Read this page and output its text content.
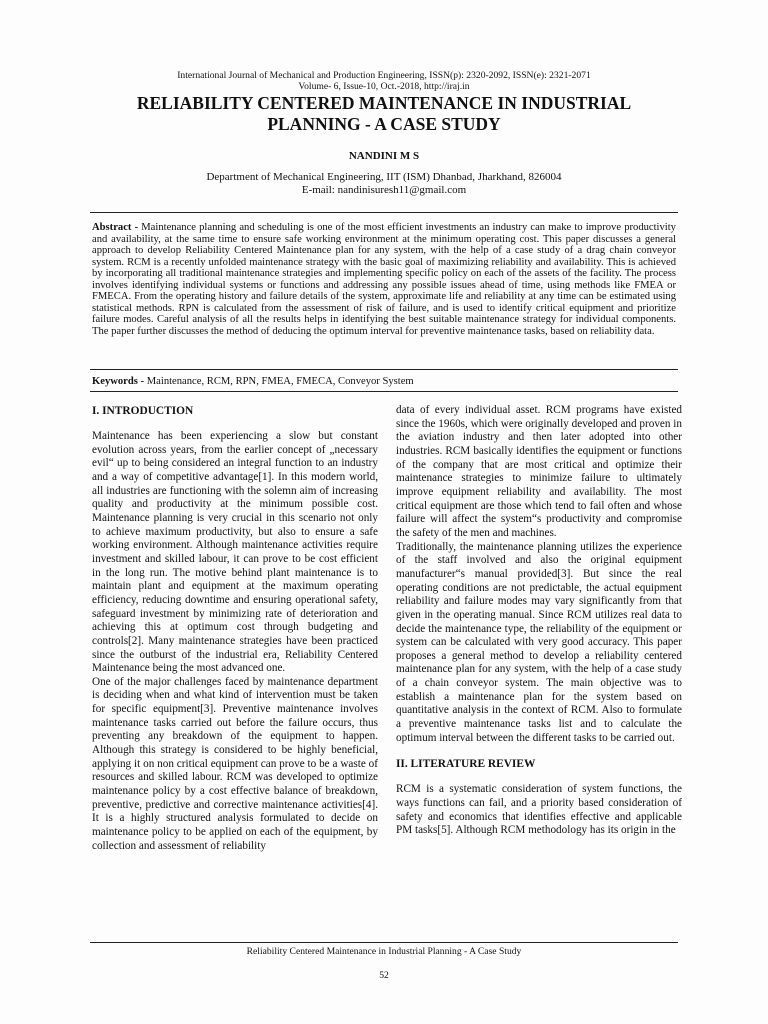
International Journal of Mechanical and Production Engineering, ISSN(p): 2320-2092, ISSN(e): 2321-2071
Volume- 6, Issue-10, Oct.-2018, http://iraj.in
RELIABILITY CENTERED MAINTENANCE IN INDUSTRIAL
PLANNING - A CASE STUDY
NANDINI M S
Department of Mechanical Engineering, IIT (ISM) Dhanbad, Jharkhand, 826004
E-mail: nandinisuresh11@gmail.com

Abstract - Maintenance planning and scheduling is one of the most efficient investments an industry can make to improve productivity and availability, at the same time to ensure safe working environment at the minimum operating cost. This paper discusses a general approach to develop Reliability Centered Maintenance plan for any system, with the help of a case study of a drag chain conveyor system. RCM is a recently unfolded maintenance strategy with the basic goal of maximizing reliability and availability. This is achieved by incorporating all traditional maintenance strategies and implementing specific policy on each of the assets of the facility. The process involves identifying individual systems or functions and addressing any possible issues ahead of time, using methods like FMEA or FMECA. From the operating history and failure details of the system, approximate life and reliability at any time can be estimated using statistical methods. RPN is calculated from the assessment of risk of failure, and is used to identify critical equipment and prioritize failure modes. Careful analysis of all the results helps in identifying the best suitable maintenance strategy for individual components. The paper further discusses the method of deducing the optimum interval for preventive maintenance tasks, based on reliability data.

Keywords - Maintenance, RCM, RPN, FMEA, FMECA, Conveyor System
I. INTRODUCTION

Maintenance has been experiencing a slow but constant evolution across years, from the earlier concept of „necessary evil“ up to being considered an integral function to an industry and a way of competitive advantage[1]. In this modern world, all industries are functioning with the solemn aim of increasing quality and productivity at the minimum possible cost. Maintenance planning is very crucial in this scenario not only to achieve maximum productivity, but also to ensure a safe working environment. Although maintenance activities require investment and skilled labour, it can prove to be cost efficient in the long run. The motive behind plant maintenance is to maintain plant and equipment at the maximum operating efficiency, reducing downtime and ensuring operational safety, safeguard investment by minimizing rate of deterioration and achieving this at optimum cost through budgeting and controls[2]. Many maintenance strategies have been practiced since the outburst of the industrial era, Reliability Centered Maintenance being the most advanced one.

One of the major challenges faced by maintenance department is deciding when and what kind of intervention must be taken for specific equipment[3]. Preventive maintenance involves maintenance tasks carried out before the failure occurs, thus preventing any breakdown of the equipment to happen. Although this strategy is considered to be highly beneficial, applying it on non critical equipment can prove to be a waste of resources and skilled labour. RCM was developed to optimize maintenance policy by a cost effective balance of breakdown, preventive, predictive and corrective maintenance activities[4]. It is a highly structured analysis formulated to decide on maintenance policy to be applied on each of the equipment, by collection and assessment of reliability

data of every individual asset. RCM programs have existed since the 1960s, which were originally developed and proven in the aviation industry and then later adopted into other industries. RCM basically identifies the equipment or functions of the company that are most critical and optimize their maintenance strategies to minimize failure to ultimately improve equipment reliability and availability. The most critical equipment are those which tend to fail often and whose failure will affect the system“s productivity and compromise the safety of the men and machines.

Traditionally, the maintenance planning utilizes the experience of the staff involved and also the original equipment manufacturer“s manual provided[3]. But since the real operating conditions are not predictable, the actual equipment reliability and failure modes may vary significantly from that given in the operating manual. Since RCM utilizes real data to decide the maintenance type, the reliability of the equipment or system can be calculated with very good accuracy. This paper proposes a general method to develop a reliability centered maintenance plan for any system, with the help of a case study of a chain conveyor system. The main objective was to establish a maintenance plan for the system based on quantitative analysis in the context of RCM. Also to formulate a preventive maintenance tasks list and to calculate the optimum interval between the different tasks to be carried out.

II. LITERATURE REVIEW

RCM is a systematic consideration of system functions, the ways functions can fail, and a priority based consideration of safety and economics that identifies effective and applicable PM tasks[5]. Although RCM methodology has its origin in the

Reliability Centered Maintenance in Industrial Planning - A Case Study
52
